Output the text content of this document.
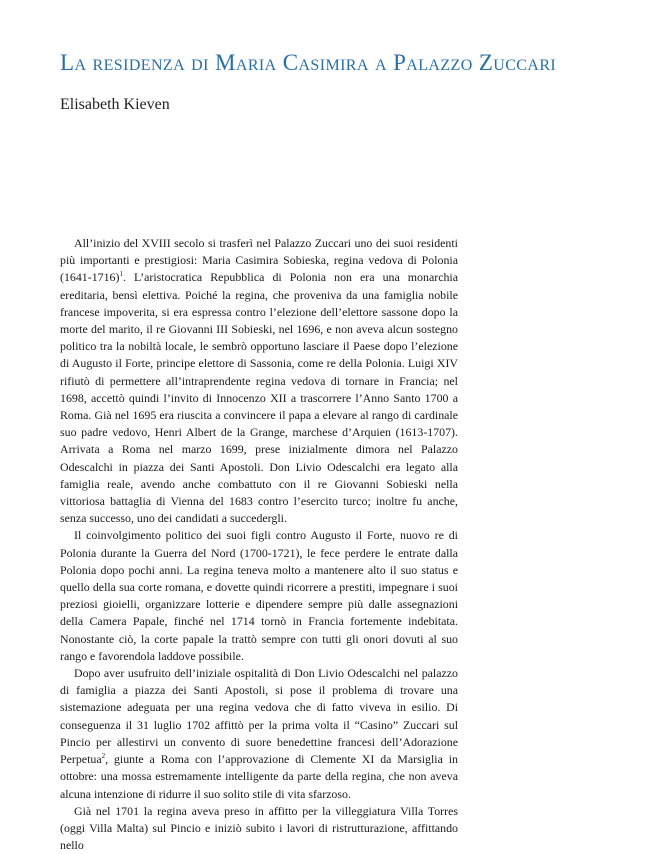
La residenza di Maria Casimira a Palazzo Zuccari
Elisabeth Kieven

All’inizio del XVIII secolo si trasferì nel Palazzo Zuccari uno dei suoi residenti più importanti e prestigiosi: Maria Casimira Sobieska, regina vedova di Polonia (1641-1716)$^1$. L’aristocratica Repubblica di Polonia non era una monarchia ereditaria, bensì elettiva. Poiché la regina, che proveniva da una famiglia nobile francese impoverita, si era espressa contro l’elezione dell’elettore sassone dopo la morte del marito, il re Giovanni III Sobieski, nel 1696, e non aveva alcun sostegno politico tra la nobiltà locale, le sembrò opportuno lasciare il Paese dopo l’elezione di Augusto il Forte, principe elettore di Sassonia, come re della Polonia. Luigi XIV rifiutò di permettere all’intraprendente regina vedova di tornare in Francia; nel 1698, accettò quindi l’invito di Innocenzo XII a trascorrere l’Anno Santo 1700 a Roma. Già nel 1695 era riuscita a convincere il papa a elevare al rango di cardinale suo padre vedovo, Henri Albert de la Grange, marchese d’Arquien (1613-1707). Arrivata a Roma nel marzo 1699, prese inizialmente dimora nel Palazzo Odescalchi in piazza dei Santi Apostoli. Don Livio Odescalchi era legato alla famiglia reale, avendo anche combattuto con il re Giovanni Sobieski nella vittoriosa battaglia di Vienna del 1683 contro l’esercito turco; inoltre fu anche, senza successo, uno dei candidati a succedergli.

Il coinvolgimento politico dei suoi figli contro Augusto il Forte, nuovo re di Polonia durante la Guerra del Nord (1700-1721), le fece perdere le entrate dalla Polonia dopo pochi anni. La regina teneva molto a mantenere alto il suo status e quello della sua corte romana, e dovette quindi ricorrere a prestiti, impegnare i suoi preziosi gioielli, organizzare lotterie e dipendere sempre più dalle assegnazioni della Camera Papale, finché nel 1714 tornò in Francia fortemente indebitata. Nonostante ciò, la corte papale la trattò sempre con tutti gli onori dovuti al suo rango e favorendola laddove possibile.

Dopo aver usufruito dell’iniziale ospitalità di Don Livio Odescalchi nel palazzo di famiglia a piazza dei Santi Apostoli, si pose il problema di trovare una sistemazione adeguata per una regina vedova che di fatto viveva in esilio. Di conseguenza il 31 luglio 1702 affittò per la prima volta il “Casino” Zuccari sul Pincio per allestirvi un convento di suore benedettine francesi dell’Adorazione Perpetua$^2$, giunte a Roma con l’approvazione di Clemente XI da Marsiglia in ottobre: una mossa estremamente intelligente da parte della regina, che non aveva alcuna intenzione di ridurre il suo solito stile di vita sfarzoso.

Già nel 1701 la regina aveva preso in affitto per la villeggiatura Villa Torres (oggi Villa Malta) sul Pincio e iniziò subito i lavori di ristrutturazione, affittando nello
